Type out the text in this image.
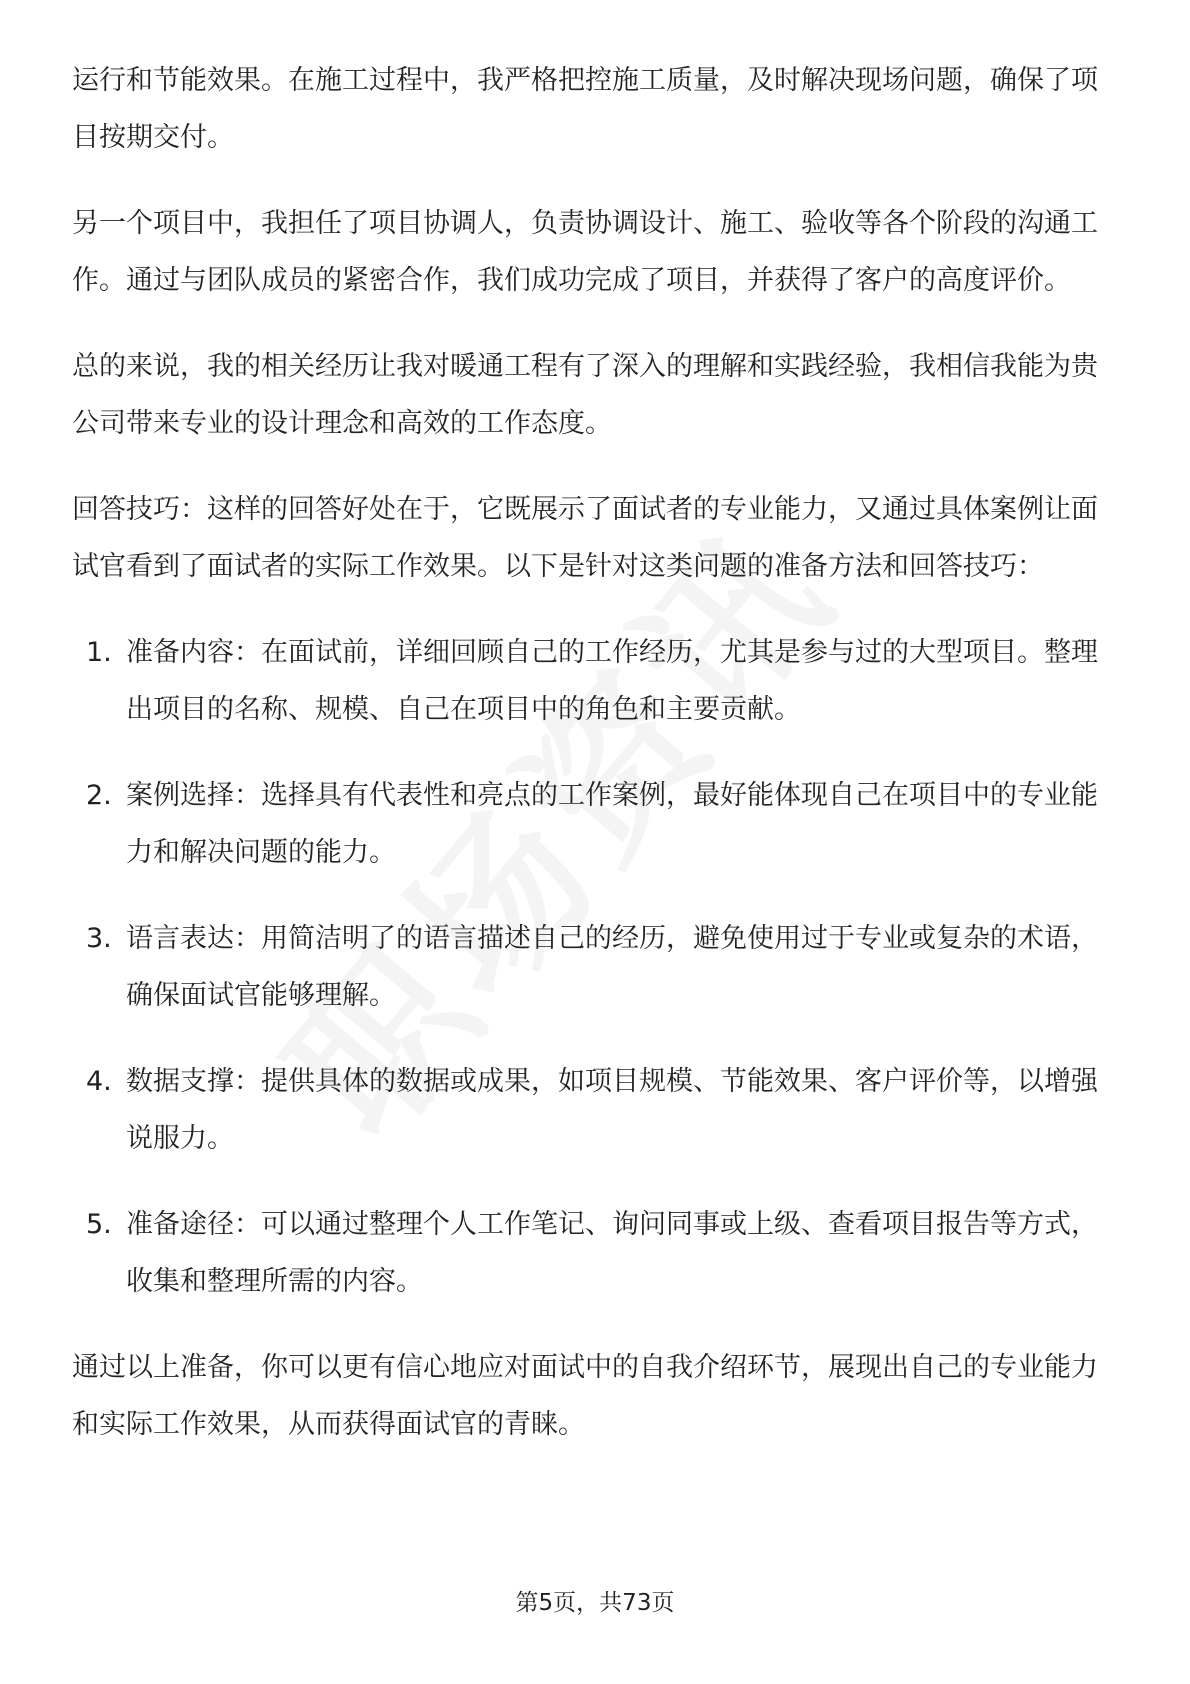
运行和节能效果。在施工过程中，我严格把控施工质量，及时解决现场问题，确保了项目按期交付。

另一个项目中，我担任了项目协调人，负责协调设计、施工、验收等各个阶段的沟通工作。通过与团队成员的紧密合作，我们成功完成了项目，并获得了客户的高度评价。

总的来说，我的相关经历让我对暖通工程有了深入的理解和实践经验，我相信我能为贵公司带来专业的设计理念和高效的工作态度。

回答技巧：这样的回答好处在于，它既展示了面试者的专业能力，又通过具体案例让面试官看到了面试者的实际工作效果。以下是针对这类问题的准备方法和回答技巧：

1. 准备内容：在面试前，详细回顾自己的工作经历，尤其是参与过的大型项目。整理出项目的名称、规模、自己在项目中的角色和主要贡献。
2. 案例选择：选择具有代表性和亮点的工作案例，最好能体现自己在项目中的专业能力和解决问题的能力。
3. 语言表达：用简洁明了的语言描述自己的经历，避免使用过于专业或复杂的术语，确保面试官能够理解。
4. 数据支撑：提供具体的数据或成果，如项目规模、节能效果、客户评价等，以增强说服力。
5. 准备途径：可以通过整理个人工作笔记、询问同事或上级、查看项目报告等方式，收集和整理所需的内容。

通过以上准备，你可以更有信心地应对面试中的自我介绍环节，展现出自己的专业能力和实际工作效果，从而获得面试官的青睐。

第5页，共73页
